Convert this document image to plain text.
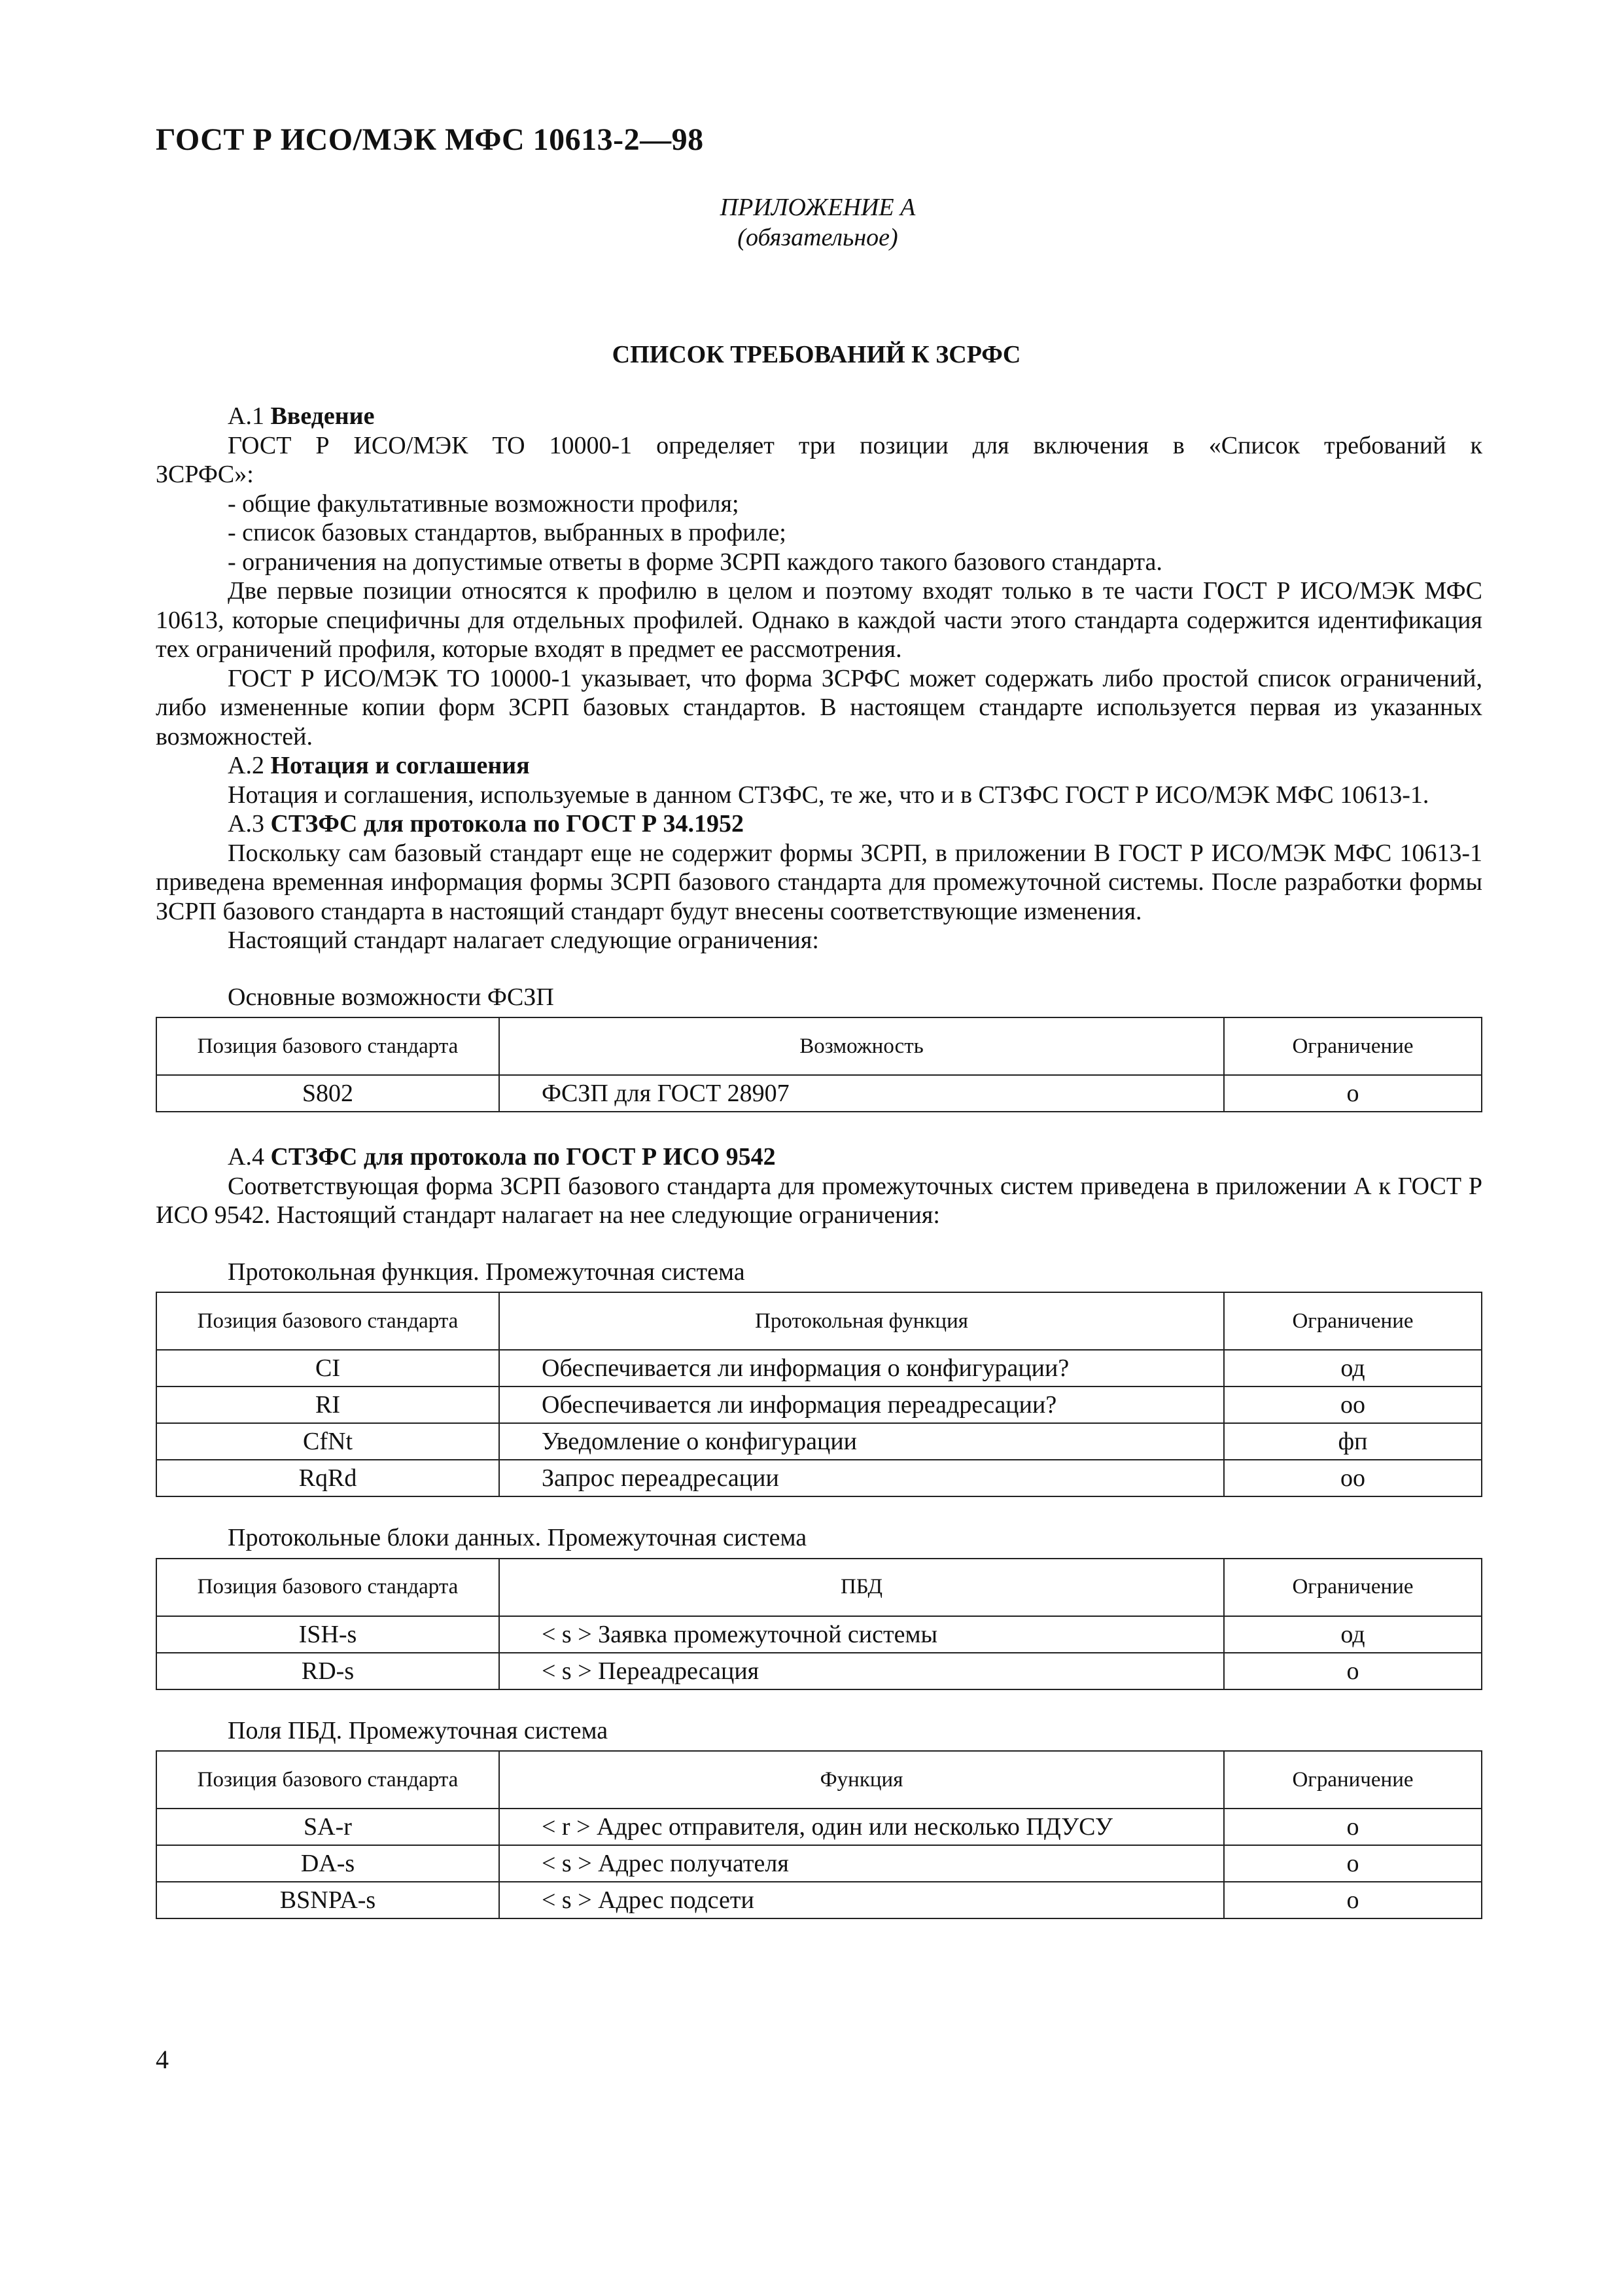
ГОСТ Р ИСО/МЭК МФС 10613-2—98
ПРИЛОЖЕНИЕ А
(обязательное)
СПИСОК ТРЕБОВАНИЙ К ЗСРФС

А.1 Введение

ГОСТ Р ИСО/МЭК ТО 10000-1 определяет три позиции для включения в «Список требований к

ЗСРФС»:

- общие факультативные возможности профиля;

- список базовых стандартов, выбранных в профиле;

- ограничения на допустимые ответы в форме ЗСРП каждого такого базового стандарта.

Две первые позиции относятся к профилю в целом и поэтому входят только в те части ГОСТ Р ИСО/МЭК МФС 10613, которые специфичны для отдельных профилей. Однако в каждой части этого стандарта содержится идентификация тех ограничений профиля, которые входят в предмет ее рассмотрения.

ГОСТ Р ИСО/МЭК ТО 10000-1 указывает, что форма ЗСРФС может содержать либо простой список ограничений, либо измененные копии форм ЗСРП базовых стандартов. В настоящем стандарте используется первая из указанных возможностей.

А.2 Нотация и соглашения

Нотация и соглашения, используемые в данном СТЗФС, те же, что и в СТЗФС ГОСТ Р ИСО/МЭК МФС 10613-1.

А.3 СТЗФС для протокола по ГОСТ Р 34.1952

Поскольку сам базовый стандарт еще не содержит формы ЗСРП, в приложении В ГОСТ Р ИСО/МЭК МФС 10613-1 приведена временная информация формы ЗСРП базового стандарта для промежуточной системы. После разработки формы ЗСРП базового стандарта в настоящий стандарт будут внесены соответствующие изменения.

Настоящий стандарт налагает следующие ограничения:

Основные возможности ФСЗП

Позиция базового стандарта	Возможность	Ограничение
S802	ФСЗП для ГОСТ 28907	о

А.4 СТЗФС для протокола по ГОСТ Р ИСО 9542

Соответствующая форма ЗСРП базового стандарта для промежуточных систем приведена в приложении А к ГОСТ Р ИСО 9542. Настоящий стандарт налагает на нее следующие ограничения:

Протокольная функция. Промежуточная система

Позиция базового стандарта	Протокольная функция	Ограничение
CI	Обеспечивается ли информация о конфигурации?	од
RI	Обеспечивается ли информация переадресации?	оо
CfNt	Уведомление о конфигурации	фп
RqRd	Запрос переадресации	оо

Протокольные блоки данных. Промежуточная система

Позиция базового стандарта	ПБД	Ограничение
ISH-s	< s > Заявка промежуточной системы	од
RD-s	< s > Переадресация	о

Поля ПБД. Промежуточная система

Позиция базового стандарта	Функция	Ограничение
SA-r	< r > Адрес отправителя, один или несколько ПДУСУ	о
DA-s	< s > Адрес получателя	о
BSNPA-s	< s > Адрес подсети	о
4
